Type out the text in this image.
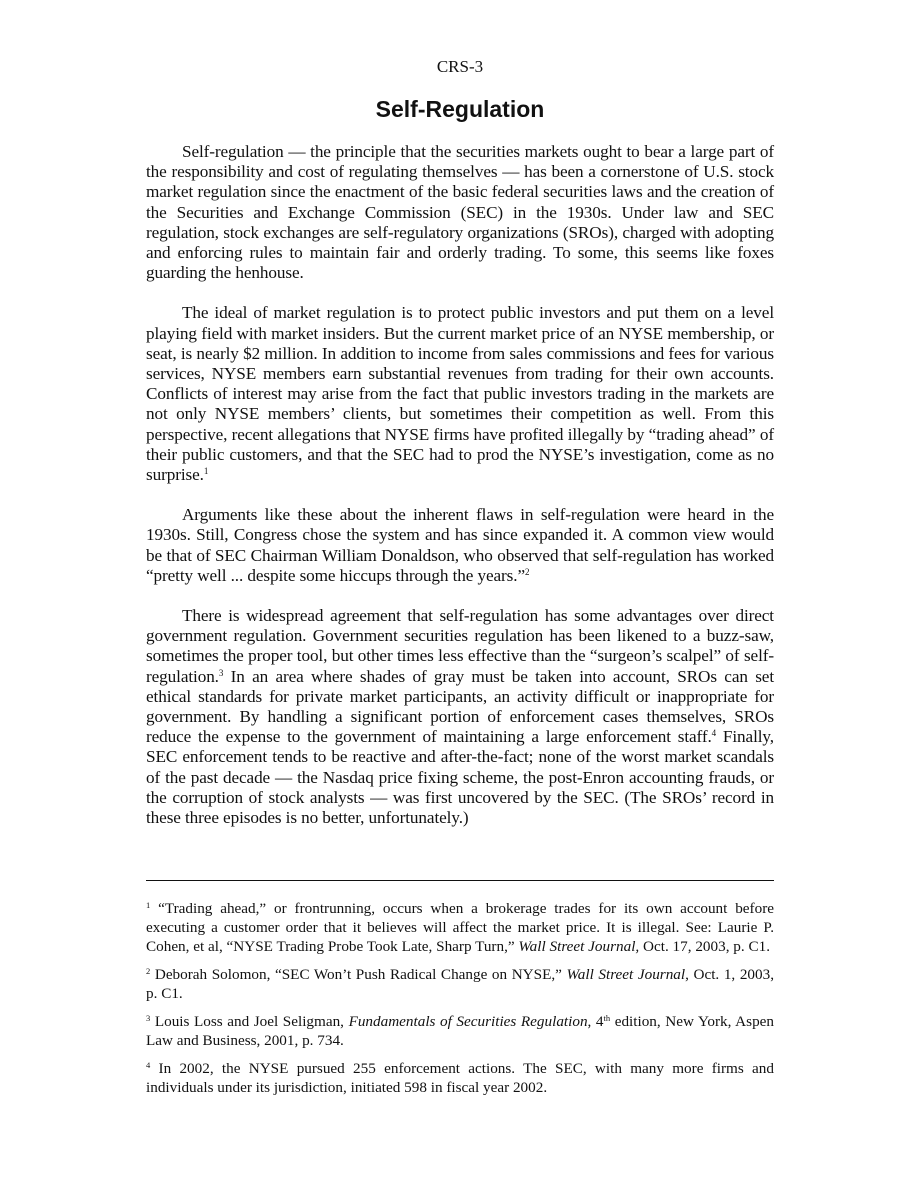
CRS-3
Self-Regulation

Self-regulation — the principle that the securities markets ought to bear a large part of the responsibility and cost of regulating themselves — has been a cornerstone of U.S. stock market regulation since the enactment of the basic federal securities laws and the creation of the Securities and Exchange Commission (SEC) in the 1930s. Under law and SEC regulation, stock exchanges are self-regulatory organizations (SROs), charged with adopting and enforcing rules to maintain fair and orderly trading. To some, this seems like foxes guarding the henhouse.

The ideal of market regulation is to protect public investors and put them on a level playing field with market insiders. But the current market price of an NYSE membership, or seat, is nearly $2 million. In addition to income from sales commissions and fees for various services, NYSE members earn substantial revenues from trading for their own accounts. Conflicts of interest may arise from the fact that public investors trading in the markets are not only NYSE members’ clients, but sometimes their competition as well. From this perspective, recent allegations that NYSE firms have profited illegally by “trading ahead” of their public customers, and that the SEC had to prod the NYSE’s investigation, come as no surprise.$^1$

Arguments like these about the inherent flaws in self-regulation were heard in the 1930s. Still, Congress chose the system and has since expanded it. A common view would be that of SEC Chairman William Donaldson, who observed that self-regulation has worked “pretty well ... despite some hiccups through the years.”$^2$

There is widespread agreement that self-regulation has some advantages over direct government regulation. Government securities regulation has been likened to a buzz-saw, sometimes the proper tool, but other times less effective than the “surgeon’s scalpel” of self-regulation.$^3$ In an area where shades of gray must be taken into account, SROs can set ethical standards for private market participants, an activity difficult or inappropriate for government. By handling a significant portion of enforcement cases themselves, SROs reduce the expense to the government of maintaining a large enforcement staff.$^4$ Finally, SEC enforcement tends to be reactive and after-the-fact; none of the worst market scandals of the past decade — the Nasdaq price fixing scheme, the post-Enron accounting frauds, or the corruption of stock analysts — was first uncovered by the SEC. (The SROs’ record in these three episodes is no better, unfortunately.)

$^1$ “Trading ahead,” or frontrunning, occurs when a brokerage trades for its own account before executing a customer order that it believes will affect the market price. It is illegal. See: Laurie P. Cohen, et al, “NYSE Trading Probe Took Late, Sharp Turn,” Wall Street Journal, Oct. 17, 2003, p. C1.

$^2$ Deborah Solomon, “SEC Won’t Push Radical Change on NYSE,” Wall Street Journal, Oct. 1, 2003, p. C1.

$^3$ Louis Loss and Joel Seligman, Fundamentals of Securities Regulation, 4th edition, New York, Aspen Law and Business, 2001, p. 734.

$^4$ In 2002, the NYSE pursued 255 enforcement actions. The SEC, with many more firms and individuals under its jurisdiction, initiated 598 in fiscal year 2002.
